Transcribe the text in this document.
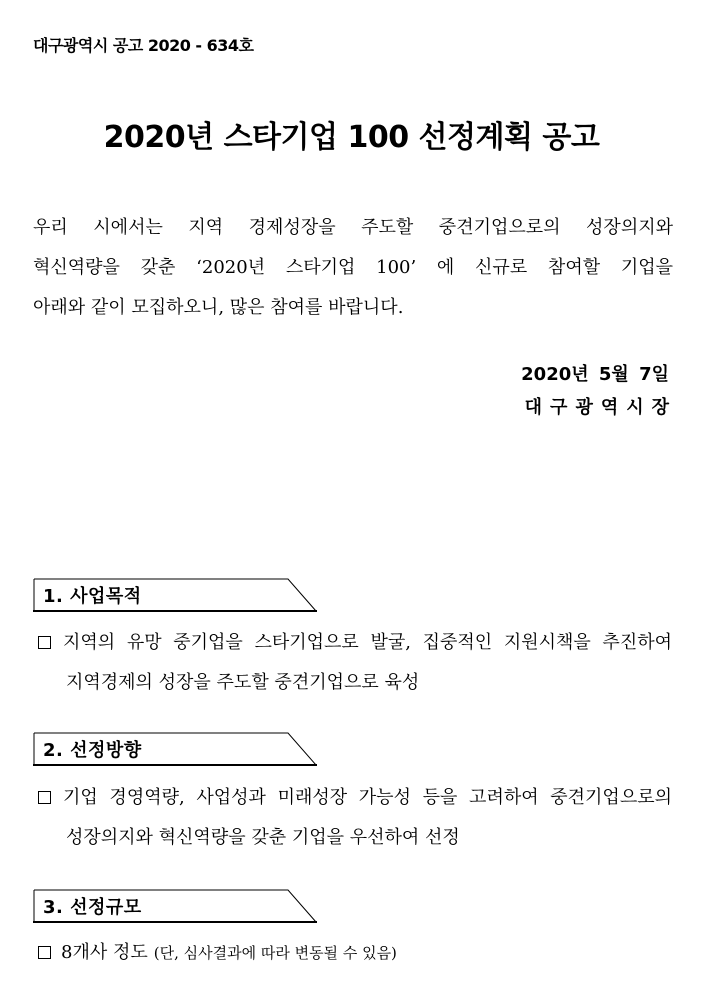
대구광역시 공고 2020 - 634호
2020년 스타기업 100 선정계획 공고
우리 시에서는 지역 경제성장을 주도할 중견기업으로의 성장의지와
혁신역량을 갖춘 ‘2020년 스타기업 100’ 에 신규로 참여할 기업을
아래와 같이 모집하오니, 많은 참여를 바랍니다.
2020년 5월 7일
대구광역시장
1. 사업목적
지역의 유망 중기업을 스타기업으로 발굴, 집중적인 지원시책을 추진하여
지역경제의 성장을 주도할 중견기업으로 육성
2. 선정방향
기업 경영역량, 사업성과 미래성장 가능성 등을 고려하여 중견기업으로의
성장의지와 혁신역량을 갖춘 기업을 우선하여 선정
3. 선정규모
8개사 정도 (단, 심사결과에 따라 변동될 수 있음)
